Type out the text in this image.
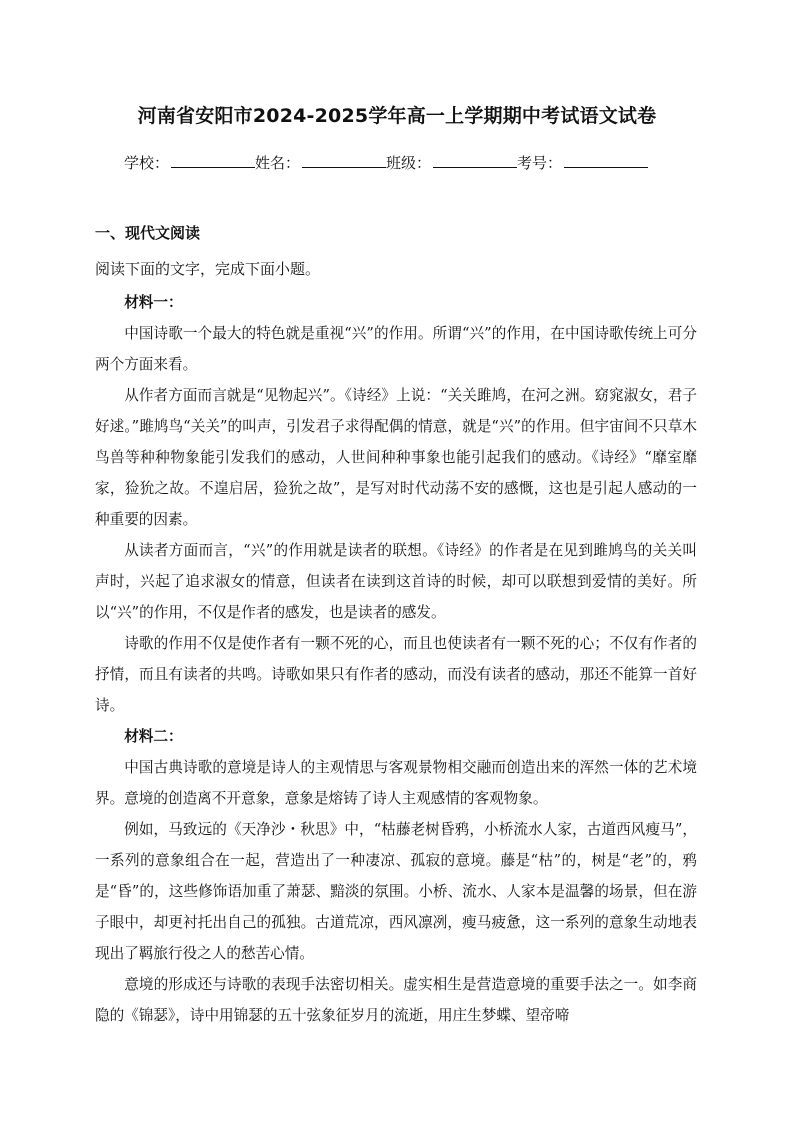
河南省安阳市2024-2025学年高一上学期期中考试语文试卷
学校：	姓名：	班级：	考号：
一、现代文阅读
阅读下面的文字，完成下面小题。
材料一：

中国诗歌一个最大的特色就是重视“兴”的作用。所谓“兴”的作用，在中国诗歌传统上可分两个方面来看。

从作者方面而言就是“见物起兴”。《诗经》上说：“关关雎鸠，在河之洲。窈窕淑女，君子好逑。”雎鸠鸟“关关”的叫声，引发君子求得配偶的情意，就是“兴”的作用。但宇宙间不只草木鸟兽等种种物象能引发我们的感动，人世间种种事象也能引起我们的感动。《诗经》“靡室靡家，猃狁之故。不遑启居，猃狁之故”，是写对时代动荡不安的感慨，这也是引起人感动的一种重要的因素。

从读者方面而言，“兴”的作用就是读者的联想。《诗经》的作者是在见到雎鸠鸟的关关叫声时，兴起了追求淑女的情意，但读者在读到这首诗的时候，却可以联想到爱情的美好。所以“兴”的作用，不仅是作者的感发，也是读者的感发。

诗歌的作用不仅是使作者有一颗不死的心，而且也使读者有一颗不死的心；不仅有作者的抒情，而且有读者的共鸣。诗歌如果只有作者的感动，而没有读者的感动，那还不能算一首好诗。

材料二：

中国古典诗歌的意境是诗人的主观情思与客观景物相交融而创造出来的浑然一体的艺术境界。意境的创造离不开意象，意象是熔铸了诗人主观感情的客观物象。

例如，马致远的《天净沙・秋思》中，“枯藤老树昏鸦，小桥流水人家，古道西风瘦马”，一系列的意象组合在一起，营造出了一种凄凉、孤寂的意境。藤是“枯”的，树是“老”的，鸦是“昏”的，这些修饰语加重了萧瑟、黯淡的氛围。小桥、流水、人家本是温馨的场景，但在游子眼中，却更衬托出自己的孤独。古道荒凉，西风凛冽，瘦马疲惫，这一系列的意象生动地表现出了羁旅行役之人的愁苦心情。

意境的形成还与诗歌的表现手法密切相关。虚实相生是营造意境的重要手法之一。如李商隐的《锦瑟》，诗中用锦瑟的五十弦象征岁月的流逝，用庄生梦蝶、望帝啼
